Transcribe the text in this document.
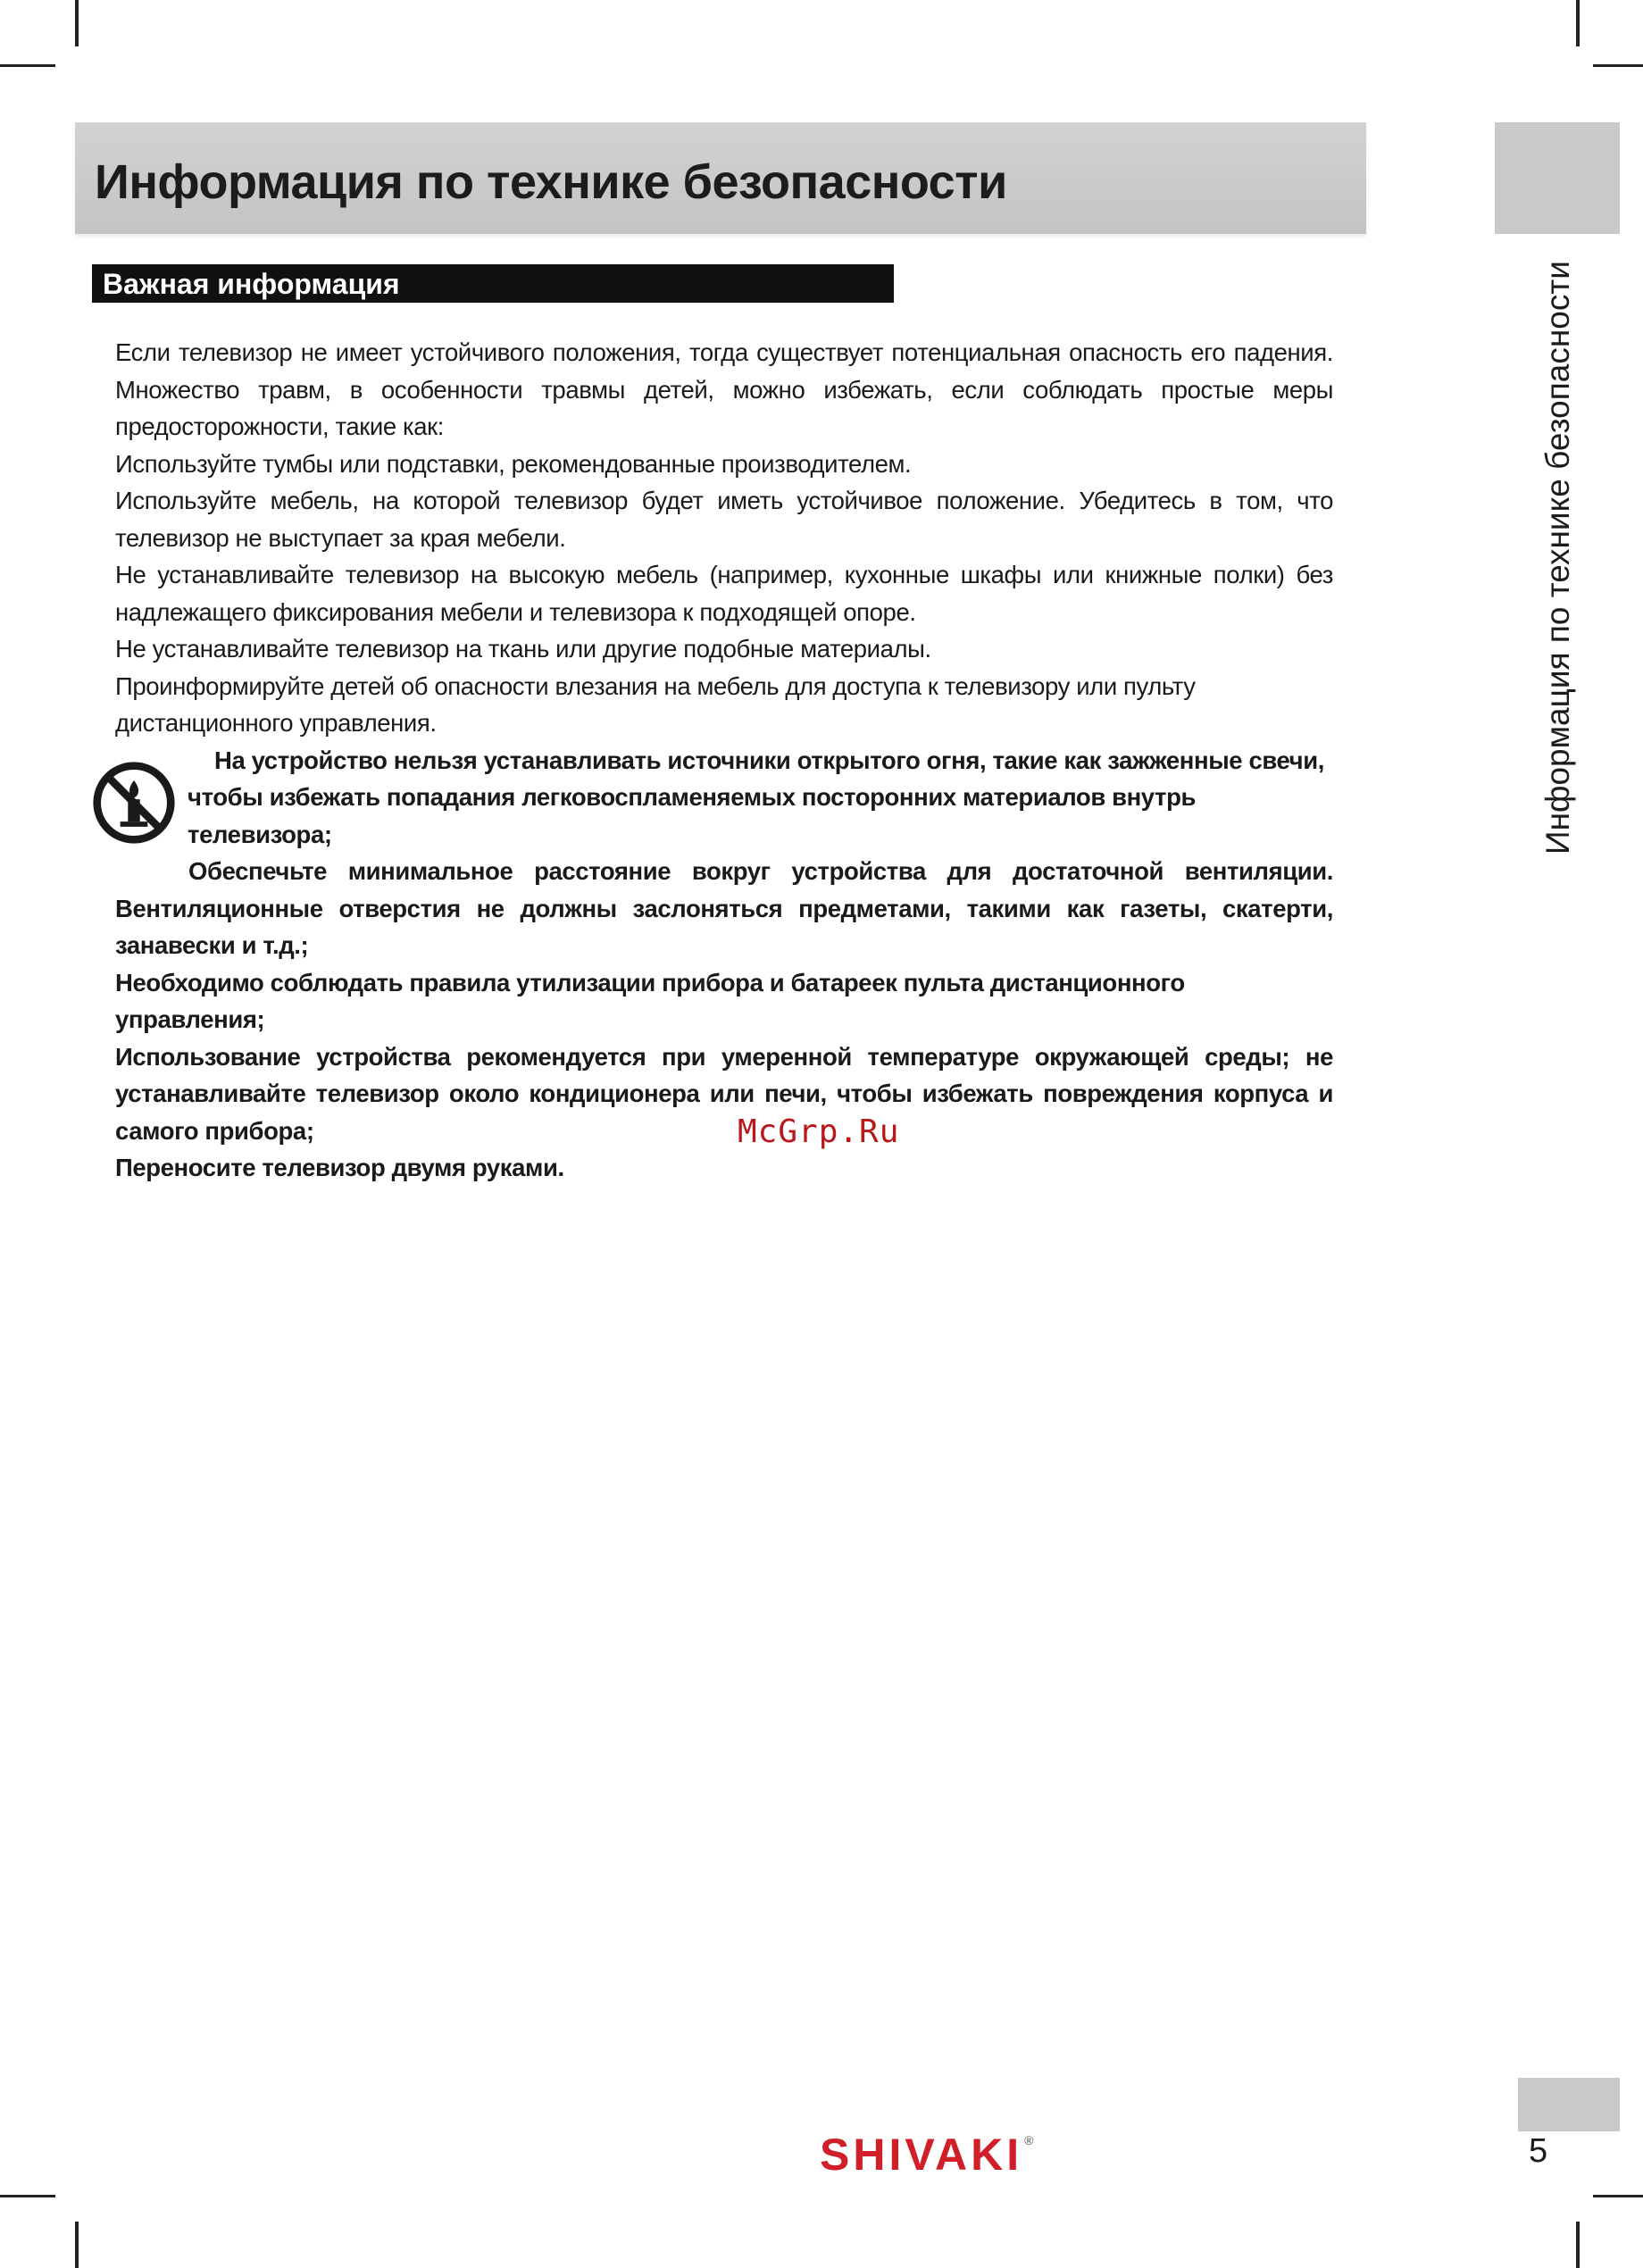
Информация по технике безопасности
Информация по технике безопасности
Важная информация

Если телевизор не имеет устойчивого положения, тогда существует потенциальная опасность его падения. Множество травм, в особенности травмы детей, можно избежать, если соблюдать простые меры предосторожности, такие как:

Используйте тумбы или подставки, рекомендованные производителем.

Используйте мебель, на которой телевизор будет иметь устойчивое положение. Убедитесь в том, что телевизор не выступает за края мебели.

Не устанавливайте телевизор на высокую мебель (например, кухонные шкафы или книжные полки) без надлежащего фиксирования мебели и телевизора к подходящей опоре.

Не устанавливайте телевизор на ткань или другие подобные материалы.

Проинформируйте детей об опасности влезания на мебель для доступа к телевизору или пульту дистанционного управления.

На устройство нельзя устанавливать источники открытого огня, такие как зажженные свечи, чтобы избежать попадания легковоспламеняемых посторонних материалов внутрь телевизора;

Обеспечьте минимальное расстояние вокруг устройства для достаточной вентиляции. Вентиляционные отверстия не должны заслоняться предметами, такими как газеты, скатерти, занавески и т.д.;

Необходимо соблюдать правила утилизации прибора и батареек пульта дистанционного управления;

Использование устройства рекомендуется при умеренной температуре окружающей среды; не устанавливайте телевизор около кондиционера или печи, чтобы избежать повреждения корпуса и самого прибора;

Переносите телевизор двумя руками.

McGrp.Ru
SHIVAKI ®	5
